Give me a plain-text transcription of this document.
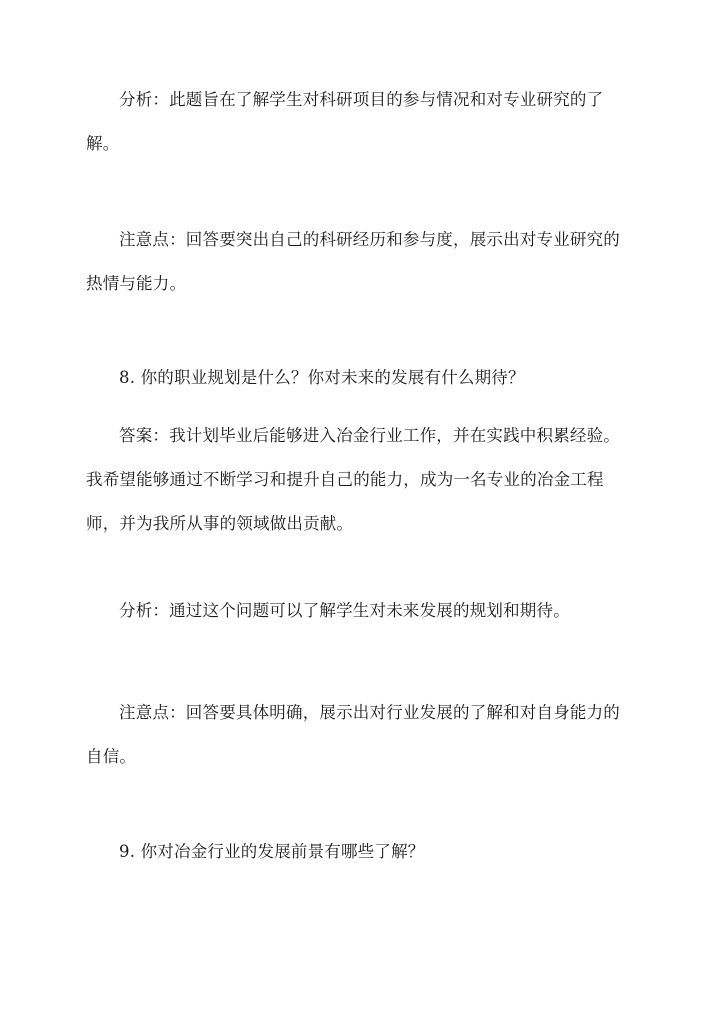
分析：此题旨在了解学生对科研项目的参与情况和对专业研究的了解。

注意点：回答要突出自己的科研经历和参与度，展示出对专业研究的热情与能力。

8. 你的职业规划是什么？你对未来的发展有什么期待？

答案：我计划毕业后能够进入冶金行业工作，并在实践中积累经验。我希望能够通过不断学习和提升自己的能力，成为一名专业的冶金工程师，并为我所从事的领域做出贡献。

分析：通过这个问题可以了解学生对未来发展的规划和期待。

注意点：回答要具体明确，展示出对行业发展的了解和对自身能力的自信。

9. 你对冶金行业的发展前景有哪些了解？
